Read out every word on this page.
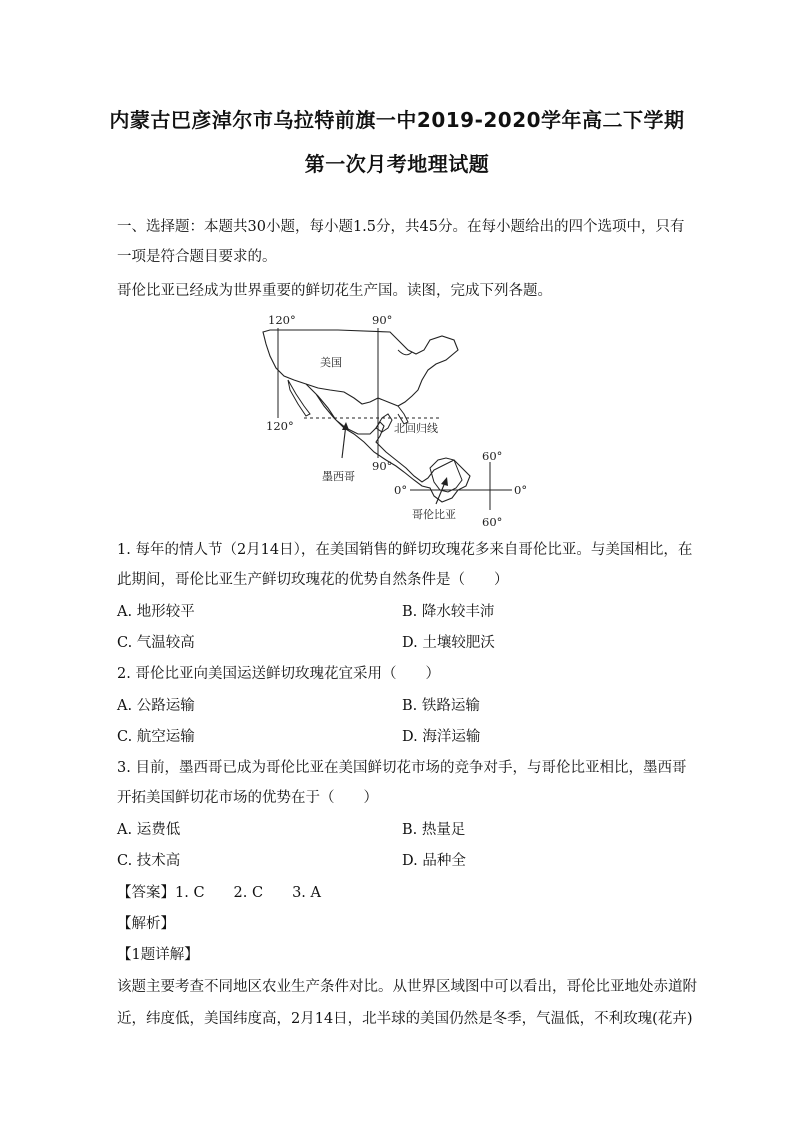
内蒙古巴彦淖尔市乌拉特前旗一中2019-2020学年高二下学期
第一次月考地理试题
一、选择题：本题共30小题，每小题1.5分，共45分。在每小题给出的四个选项中，只有
一项是符合题目要求的。
哥伦比亚已经成为世界重要的鲜切花生产国。读图，完成下列各题。
120°	90°
美国
120°	北回归线
90°
墨西哥
60°
0°	0°
哥伦比亚
60°
1. 每年的情人节（2月14日），在美国销售的鲜切玫瑰花多来自哥伦比亚。与美国相比，在
此期间，哥伦比亚生产鲜切玫瑰花的优势自然条件是（　　）
A. 地形较平	B. 降水较丰沛
C. 气温较高	D. 土壤较肥沃
2. 哥伦比亚向美国运送鲜切玫瑰花宜采用（　　）
A. 公路运输	B. 铁路运输
C. 航空运输	D. 海洋运输
3. 目前，墨西哥已成为哥伦比亚在美国鲜切花市场的竞争对手，与哥伦比亚相比，墨西哥
开拓美国鲜切花市场的优势在于（　　）
A. 运费低	B. 热量足
C. 技术高	D. 品种全
【答案】1. C　　2. C　　3. A
【解析】
【1题详解】
该题主要考查不同地区农业生产条件对比。从世界区域图中可以看出，哥伦比亚地处赤道附
近，纬度低，美国纬度高，2月14日，北半球的美国仍然是冬季，气温低，不利玫瑰(花卉)
